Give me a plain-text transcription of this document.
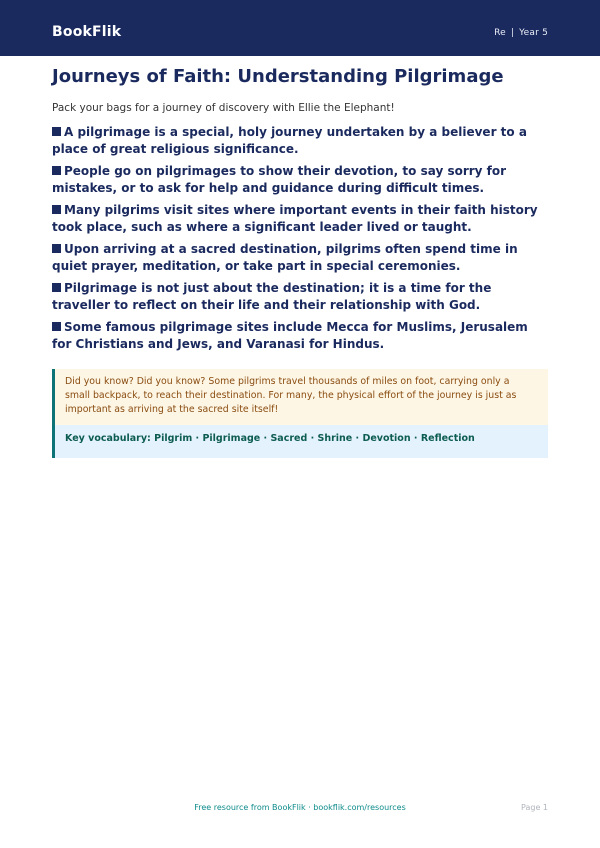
BookFlik	Re | Year 5
Journeys of Faith: Understanding Pilgrimage
Pack your bags for a journey of discovery with Ellie the Elephant!
A pilgrimage is a special, holy journey undertaken by a believer to a place of great religious significance.
People go on pilgrimages to show their devotion, to say sorry for mistakes, or to ask for help and guidance during difficult times.
Many pilgrims visit sites where important events in their faith history took place, such as where a significant leader lived or taught.
Upon arriving at a sacred destination, pilgrims often spend time in quiet prayer, meditation, or take part in special ceremonies.
Pilgrimage is not just about the destination; it is a time for the traveller to reflect on their life and their relationship with God.
Some famous pilgrimage sites include Mecca for Muslims, Jerusalem for Christians and Jews, and Varanasi for Hindus.
Did you know? Did you know? Some pilgrims travel thousands of miles on foot, carrying only a small backpack, to reach their destination. For many, the physical effort of the journey is just as important as arriving at the sacred site itself!
Key vocabulary: Pilgrim · Pilgrimage · Sacred · Shrine · Devotion · Reflection
Free resource from BookFlik · bookflik.com/resources	Page 1
